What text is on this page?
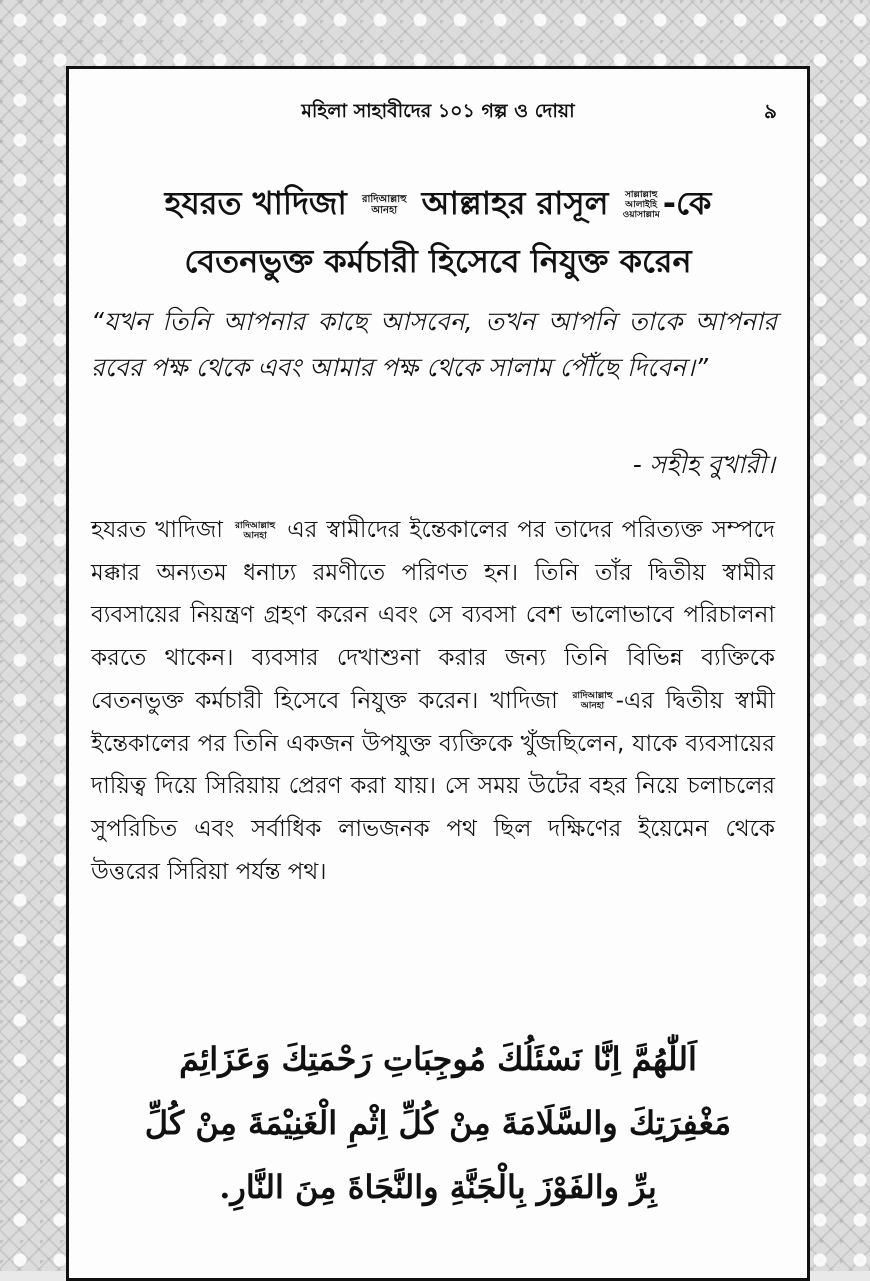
মহিলা সাহাবীদের ১০১ গল্প ও দোয়া	৯
হযরত খাদিজা রাদিআল্লাহু
আনহা আল্লাহর রাসূল সাল্লাল্লাহু
আলাইহি
ওয়াসাল্লাম -কে
বেতনভুক্ত কর্মচারী হিসেবে নিযুক্ত করেন
“যখন তিনি আপনার কাছে আসবেন, তখন আপনি তাকে আপনার রবের পক্ষ থেকে এবং আমার পক্ষ থেকে সালাম পৌঁছে দিবেন।”
- সহীহ বুখারী।
হযরত খাদিজা রাদিআল্লাহু
আনহা এর স্বামীদের ইন্তেকালের পর তাদের পরিত্যক্ত সম্পদে মক্কার অন্যতম ধনাঢ্য রমণীতে পরিণত হন। তিনি তাঁর দ্বিতীয় স্বামীর ব্যবসায়ের নিয়ন্ত্রণ গ্রহণ করেন এবং সে ব্যবসা বেশ ভালোভাবে পরিচালনা করতে থাকেন। ব্যবসার দেখাশুনা করার জন্য তিনি বিভিন্ন ব্যক্তিকে বেতনভুক্ত কর্মচারী হিসেবে নিযুক্ত করেন। খাদিজা রাদিআল্লাহু
আনহা -এর দ্বিতীয় স্বামী ইন্তেকালের পর তিনি একজন উপযুক্ত ব্যক্তিকে খুঁজছিলেন, যাকে ব্যবসায়ের দায়িত্ব দিয়ে সিরিয়ায় প্রেরণ করা যায়। সে সময় উটের বহর নিয়ে চলাচলের সুপরিচিত এবং সর্বাধিক লাভজনক পথ ছিল দক্ষিণের ইয়েমেন থেকে উত্তরের সিরিয়া পর্যন্ত পথ।
اَللّٰهُمَّ اِنَّا نَسْئَلُكَ مُوجِبَاتِ رَحْمَتِكَ وَعَزَائِمَ
مَغْفِرَتِكَ والسَّلَامَةَ مِنْ كُلِّ اِثْمِ الْغَنِيْمَةَ مِنْ كُلِّ
بِرِّ والفَوْزَ بِالْجَنَّةِ والنَّجَاةَ مِنَ النَّارِ.
